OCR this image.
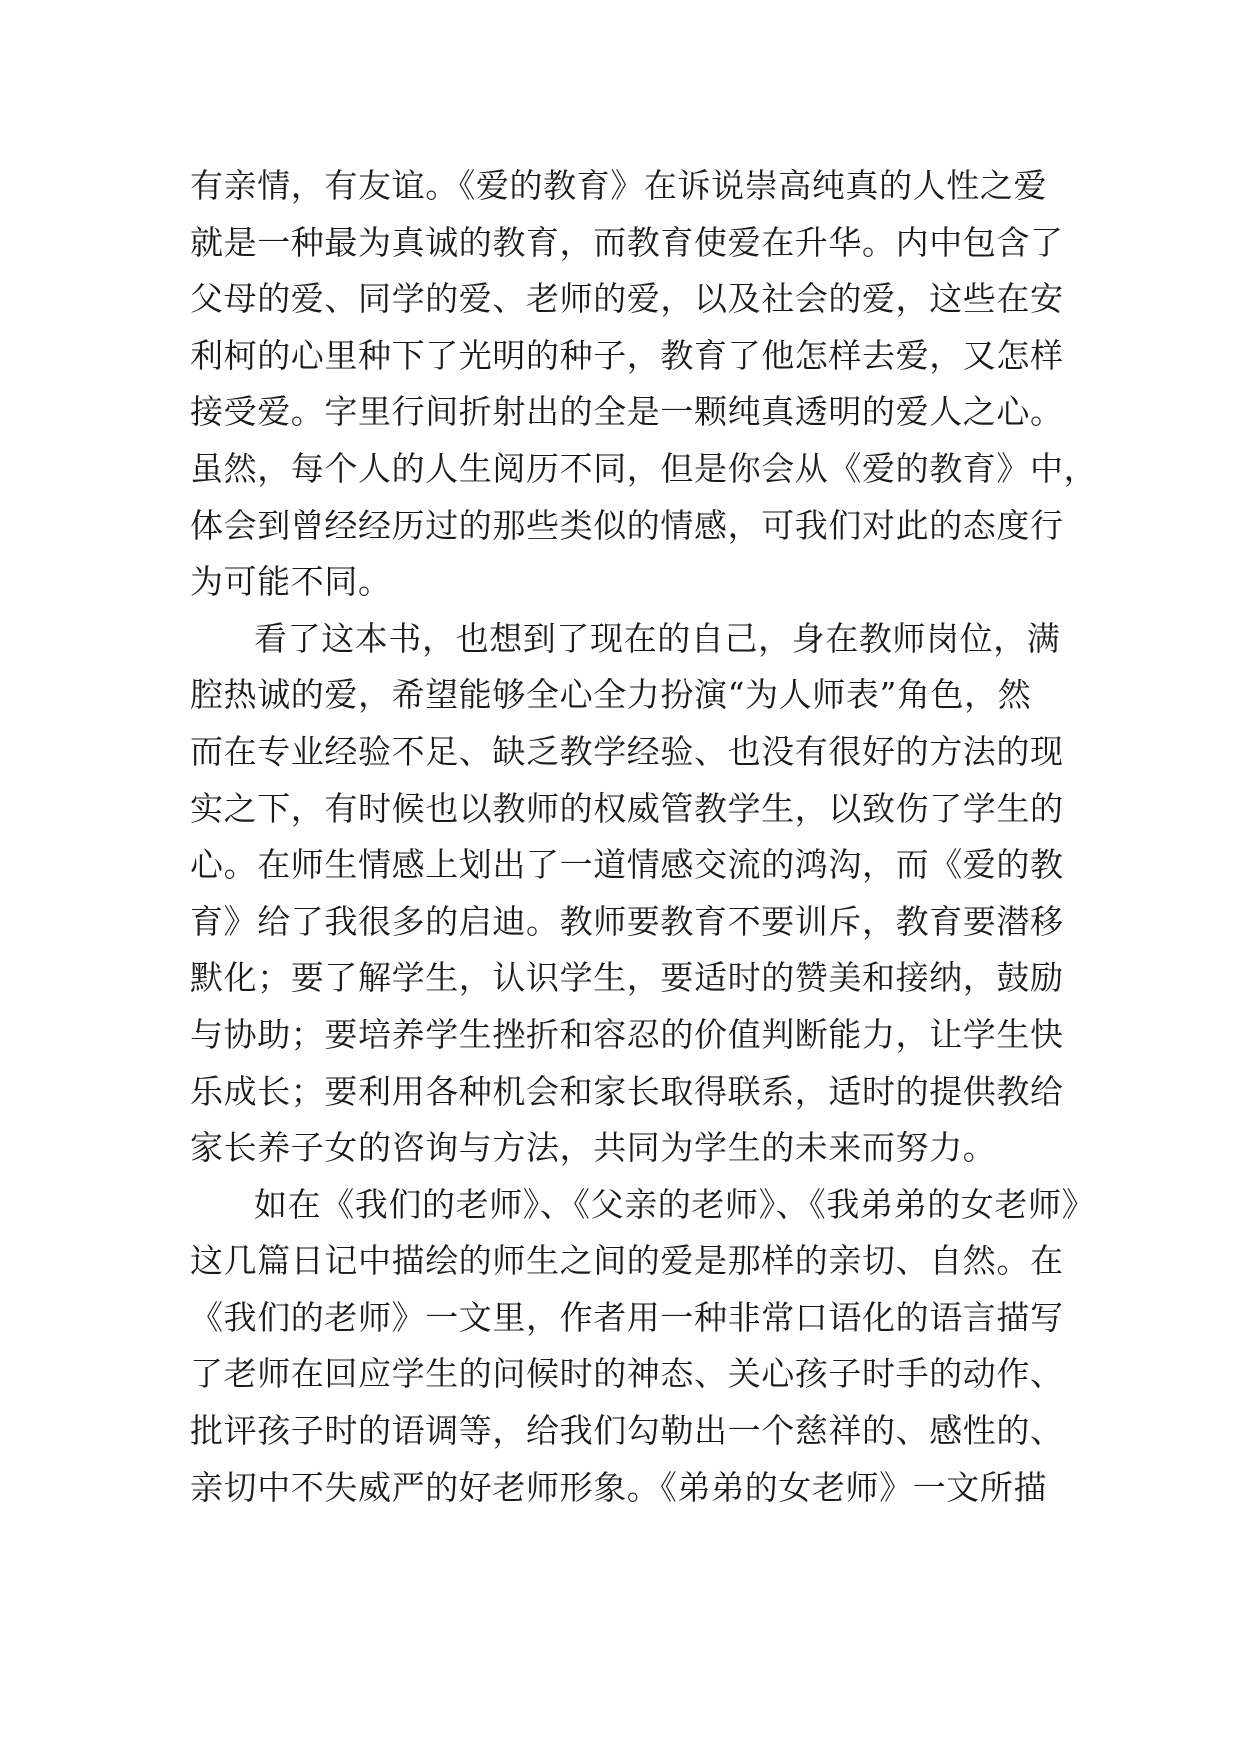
有亲情，有友谊。《爱的教育》在诉说崇高纯真的人性之爱
就是一种最为真诚的教育，而教育使爱在升华。内中包含了
父母的爱、同学的爱、老师的爱，以及社会的爱，这些在安
利柯的心里种下了光明的种子，教育了他怎样去爱，又怎样
接受爱。字里行间折射出的全是一颗纯真透明的爱人之心。
虽然，每个人的人生阅历不同，但是你会从《爱的教育》中，
体会到曾经经历过的那些类似的情感，可我们对此的态度行
为可能不同。
看了这本书，也想到了现在的自己，身在教师岗位，满
腔热诚的爱，希望能够全心全力扮演“为人师表”角色，然
而在专业经验不足、缺乏教学经验、也没有很好的方法的现
实之下，有时候也以教师的权威管教学生，以致伤了学生的
心。在师生情感上划出了一道情感交流的鸿沟，而《爱的教
育》给了我很多的启迪。教师要教育不要训斥，教育要潜移
默化；要了解学生，认识学生，要适时的赞美和接纳，鼓励
与协助；要培养学生挫折和容忍的价值判断能力，让学生快
乐成长；要利用各种机会和家长取得联系，适时的提供教给
家长养子女的咨询与方法，共同为学生的未来而努力。
如在《我们的老师》、《父亲的老师》、《我弟弟的女老师》
这几篇日记中描绘的师生之间的爱是那样的亲切、自然。在
《我们的老师》一文里，作者用一种非常口语化的语言描写
了老师在回应学生的问候时的神态、关心孩子时手的动作、
批评孩子时的语调等，给我们勾勒出一个慈祥的、感性的、
亲切中不失威严的好老师形象。《弟弟的女老师》一文所描
